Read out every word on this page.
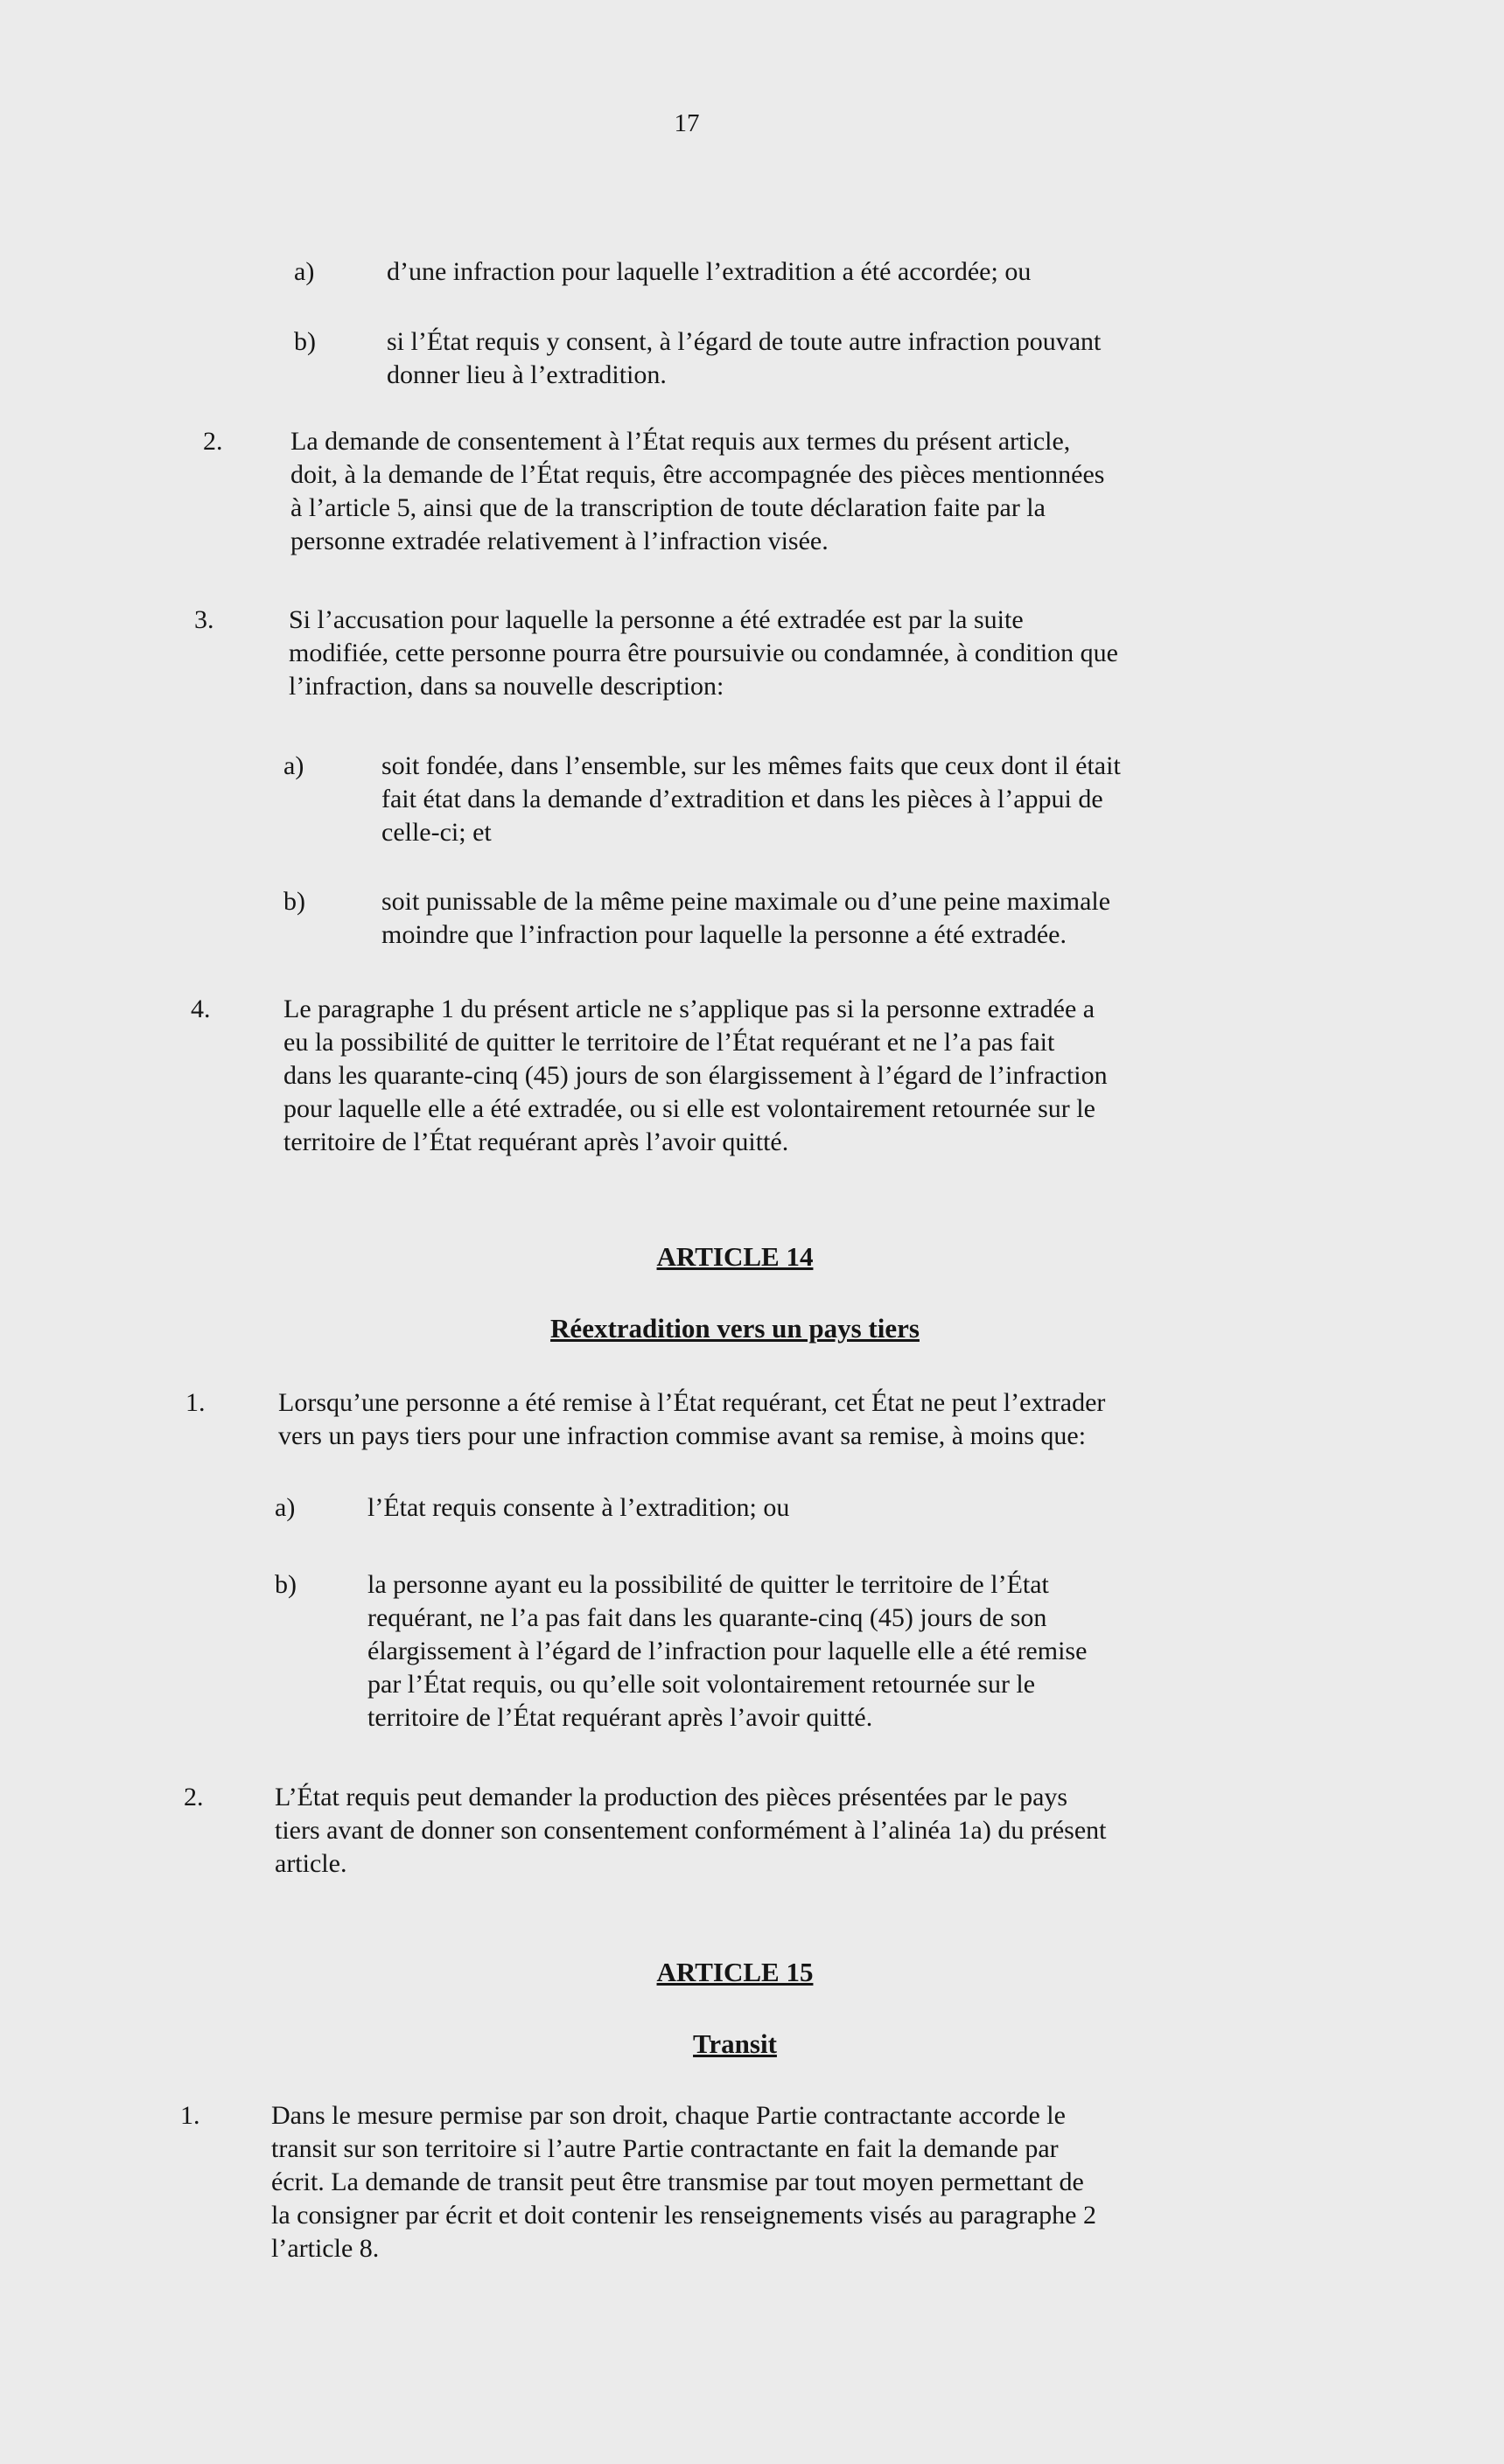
17
a)	d’une infraction pour laquelle l’extradition a été accordée; ou
b)	si l’État requis y consent, à l’égard de toute autre infraction pouvant
donner lieu à l’extradition.
2.	La demande de consentement à l’État requis aux termes du présent article,
doit, à la demande de l’État requis, être accompagnée des pièces mentionnées
à l’article 5, ainsi que de la transcription de toute déclaration faite par la
personne extradée relativement à l’infraction visée.
3.	Si l’accusation pour laquelle la personne a été extradée est par la suite
modifiée, cette personne pourra être poursuivie ou condamnée, à condition que
l’infraction, dans sa nouvelle description:
a)	soit fondée, dans l’ensemble, sur les mêmes faits que ceux dont il était
fait état dans la demande d’extradition et dans les pièces à l’appui de
celle-ci; et
b)	soit punissable de la même peine maximale ou d’une peine maximale
moindre que l’infraction pour laquelle la personne a été extradée.
4.	Le paragraphe 1 du présent article ne s’applique pas si la personne extradée a
eu la possibilité de quitter le territoire de l’État requérant et ne l’a pas fait
dans les quarante-cinq (45) jours de son élargissement à l’égard de l’infraction
pour laquelle elle a été extradée, ou si elle est volontairement retournée sur le
territoire de l’État requérant après l’avoir quitté.
ARTICLE 14
Réextradition vers un pays tiers
1.	Lorsqu’une personne a été remise à l’État requérant, cet État ne peut l’extrader
vers un pays tiers pour une infraction commise avant sa remise, à moins que:
a)	l’État requis consente à l’extradition; ou
b)	la personne ayant eu la possibilité de quitter le territoire de l’État
requérant, ne l’a pas fait dans les quarante-cinq (45) jours de son
élargissement à l’égard de l’infraction pour laquelle elle a été remise
par l’État requis, ou qu’elle soit volontairement retournée sur le
territoire de l’État requérant après l’avoir quitté.
2.	L’État requis peut demander la production des pièces présentées par le pays
tiers avant de donner son consentement conformément à l’alinéa 1a) du présent
article.
ARTICLE 15
Transit
1.	Dans le mesure permise par son droit, chaque Partie contractante accorde le
transit sur son territoire si l’autre Partie contractante en fait la demande par
écrit. La demande de transit peut être transmise par tout moyen permettant de
la consigner par écrit et doit contenir les renseignements visés au paragraphe 2
l’article 8.
